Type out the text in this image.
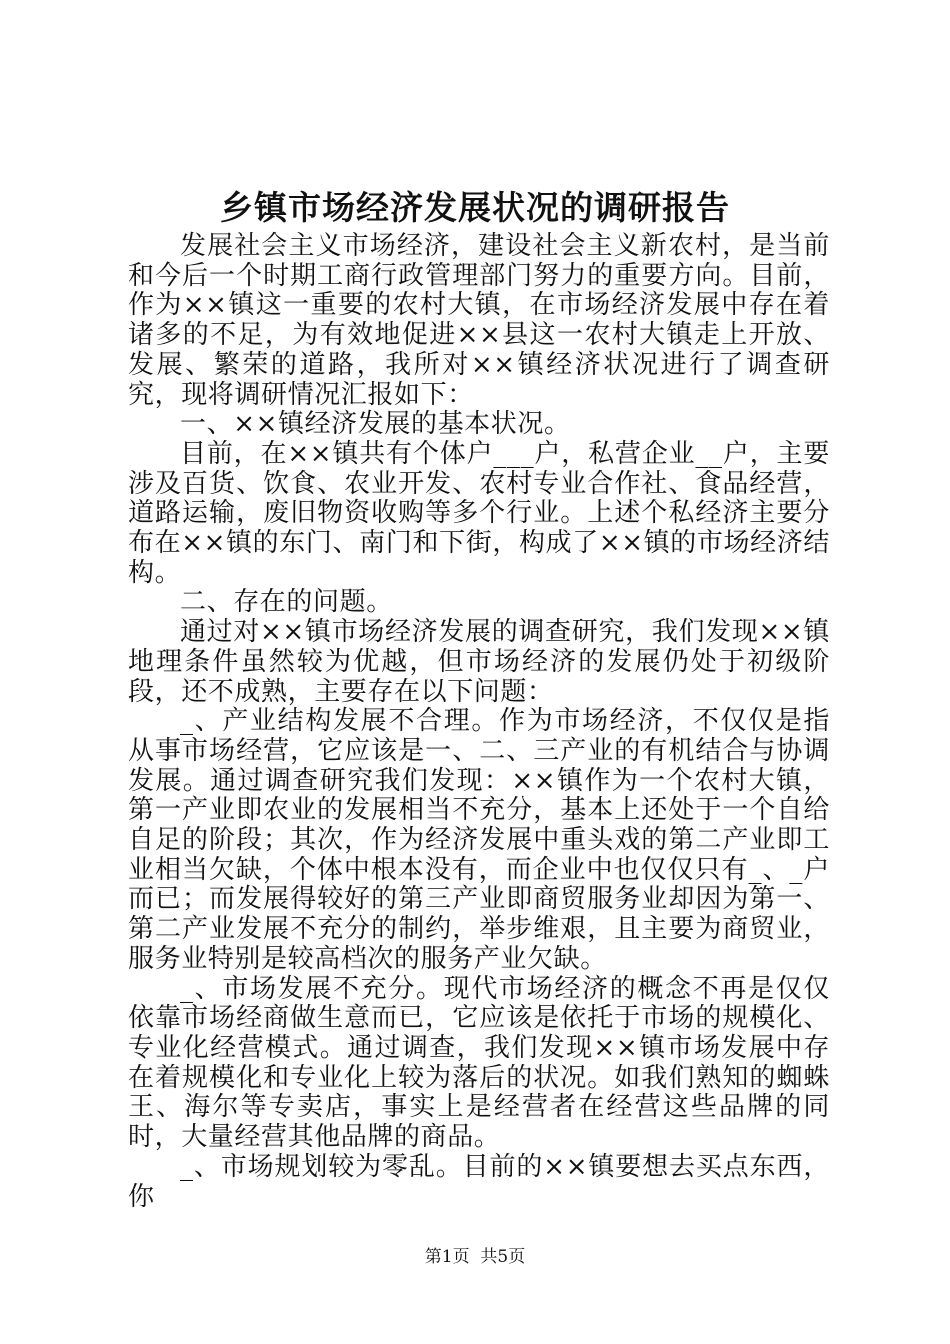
乡镇市场经济发展状况的调研报告

发展社会主义市场经济，建设社会主义新农村，是当前和今后一个时期工商行政管理部门努力的重要方向。目前，作为××镇这一重要的农村大镇，在市场经济发展中存在着诸多的不足，为有效地促进××县这一农村大镇走上开放、发展、繁荣的道路，我所对××镇经济状况进行了调查研究，现将调研情况汇报如下：

一、××镇经济发展的基本状况。

目前，在××镇共有个体户___户，私营企业__户，主要涉及百货、饮食、农业开发、农村专业合作社、食品经营，道路运输，废旧物资收购等多个行业。上述个私经济主要分布在××镇的东门、南门和下街，构成了××镇的市场经济结构。

二、存在的问题。

通过对××镇市场经济发展的调查研究，我们发现××镇地理条件虽然较为优越，但市场经济的发展仍处于初级阶段，还不成熟，主要存在以下问题：

_、产业结构发展不合理。作为市场经济，不仅仅是指从事市场经营，它应该是一、二、三产业的有机结合与协调发展。通过调查研究我们发现：××镇作为一个农村大镇，第一产业即农业的发展相当不充分，基本上还处于一个自给自足的阶段；其次，作为经济发展中重头戏的第二产业即工业相当欠缺，个体中根本没有，而企业中也仅仅只有_、_户而已；而发展得较好的第三产业即商贸服务业却因为第一、第二产业发展不充分的制约，举步维艰，且主要为商贸业，服务业特别是较高档次的服务产业欠缺。

_、市场发展不充分。现代市场经济的概念不再是仅仅依靠市场经商做生意而已，它应该是依托于市场的规模化、专业化经营模式。通过调查，我们发现××镇市场发展中存在着规模化和专业化上较为落后的状况。如我们熟知的蜘蛛王、海尔等专卖店，事实上是经营者在经营这些品牌的同时，大量经营其他品牌的商品。

_、市场规划较为零乱。目前的××镇要想去买点东西，你

第1页 共5页
